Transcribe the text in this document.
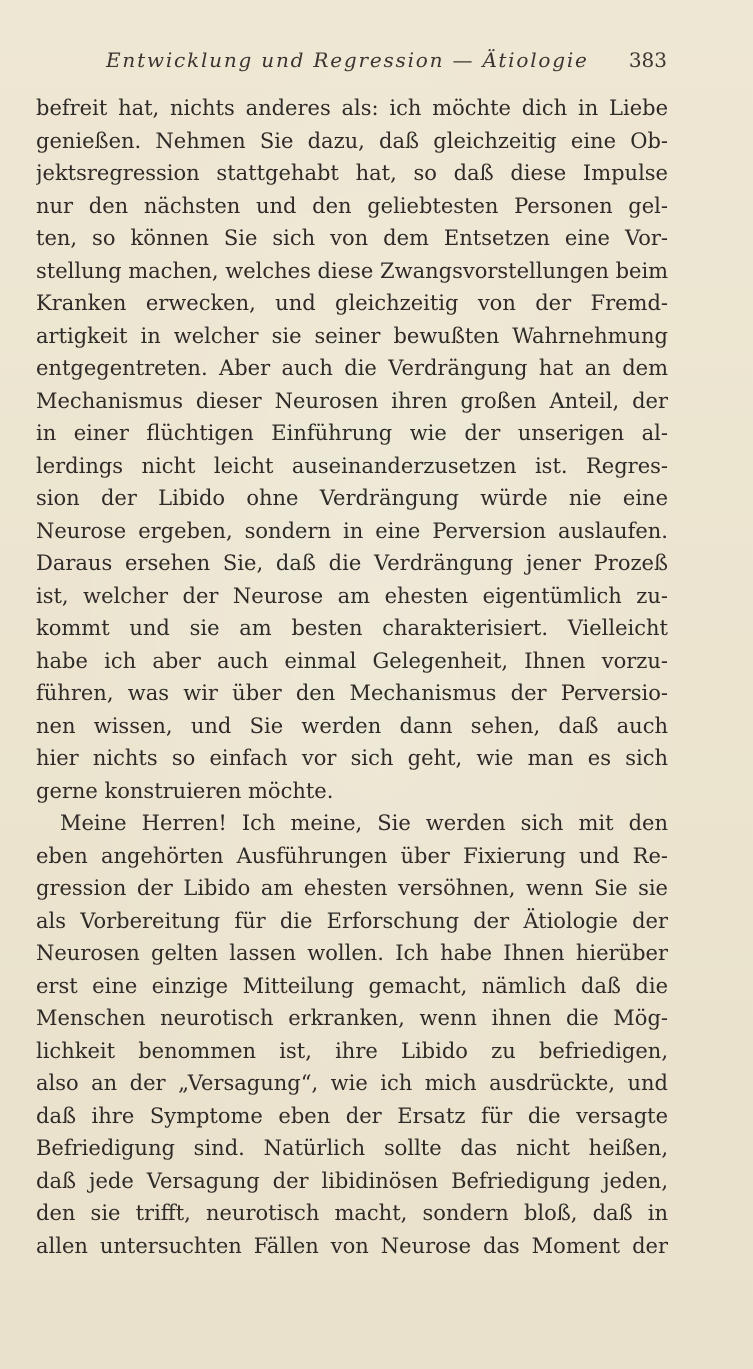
Entwicklung und Regression — Ätiologie 383
befreit hat, nichts anderes als: ich möchte dich in Liebe
genießen. Nehmen Sie dazu, daß gleichzeitig eine Ob-
jektsregression stattgehabt hat, so daß diese Impulse
nur den nächsten und den geliebtesten Personen gel-
ten, so können Sie sich von dem Entsetzen eine Vor-
stellung machen, welches diese Zwangsvorstellungen beim
Kranken erwecken, und gleichzeitig von der Fremd-
artigkeit in welcher sie seiner bewußten Wahrnehmung
entgegentreten. Aber auch die Verdrängung hat an dem
Mechanismus dieser Neurosen ihren großen Anteil, der
in einer flüchtigen Einführung wie der unserigen al-
lerdings nicht leicht auseinanderzusetzen ist. Regres-
sion der Libido ohne Verdrängung würde nie eine
Neurose ergeben, sondern in eine Perversion auslaufen.
Daraus ersehen Sie, daß die Verdrängung jener Prozeß
ist, welcher der Neurose am ehesten eigentümlich zu-
kommt und sie am besten charakterisiert. Vielleicht
habe ich aber auch einmal Gelegenheit, Ihnen vorzu-
führen, was wir über den Mechanismus der Perversio-
nen wissen, und Sie werden dann sehen, daß auch
hier nichts so einfach vor sich geht, wie man es sich
gerne konstruieren möchte.
Meine Herren! Ich meine, Sie werden sich mit den
eben angehörten Ausführungen über Fixierung und Re-
gression der Libido am ehesten versöhnen, wenn Sie sie
als Vorbereitung für die Erforschung der Ätiologie der
Neurosen gelten lassen wollen. Ich habe Ihnen hierüber
erst eine einzige Mitteilung gemacht, nämlich daß die
Menschen neurotisch erkranken, wenn ihnen die Mög-
lichkeit benommen ist, ihre Libido zu befriedigen,
also an der „Versagung“, wie ich mich ausdrückte, und
daß ihre Symptome eben der Ersatz für die versagte
Befriedigung sind. Natürlich sollte das nicht heißen,
daß jede Versagung der libidinösen Befriedigung jeden,
den sie trifft, neurotisch macht, sondern bloß, daß in
allen untersuchten Fällen von Neurose das Moment der
